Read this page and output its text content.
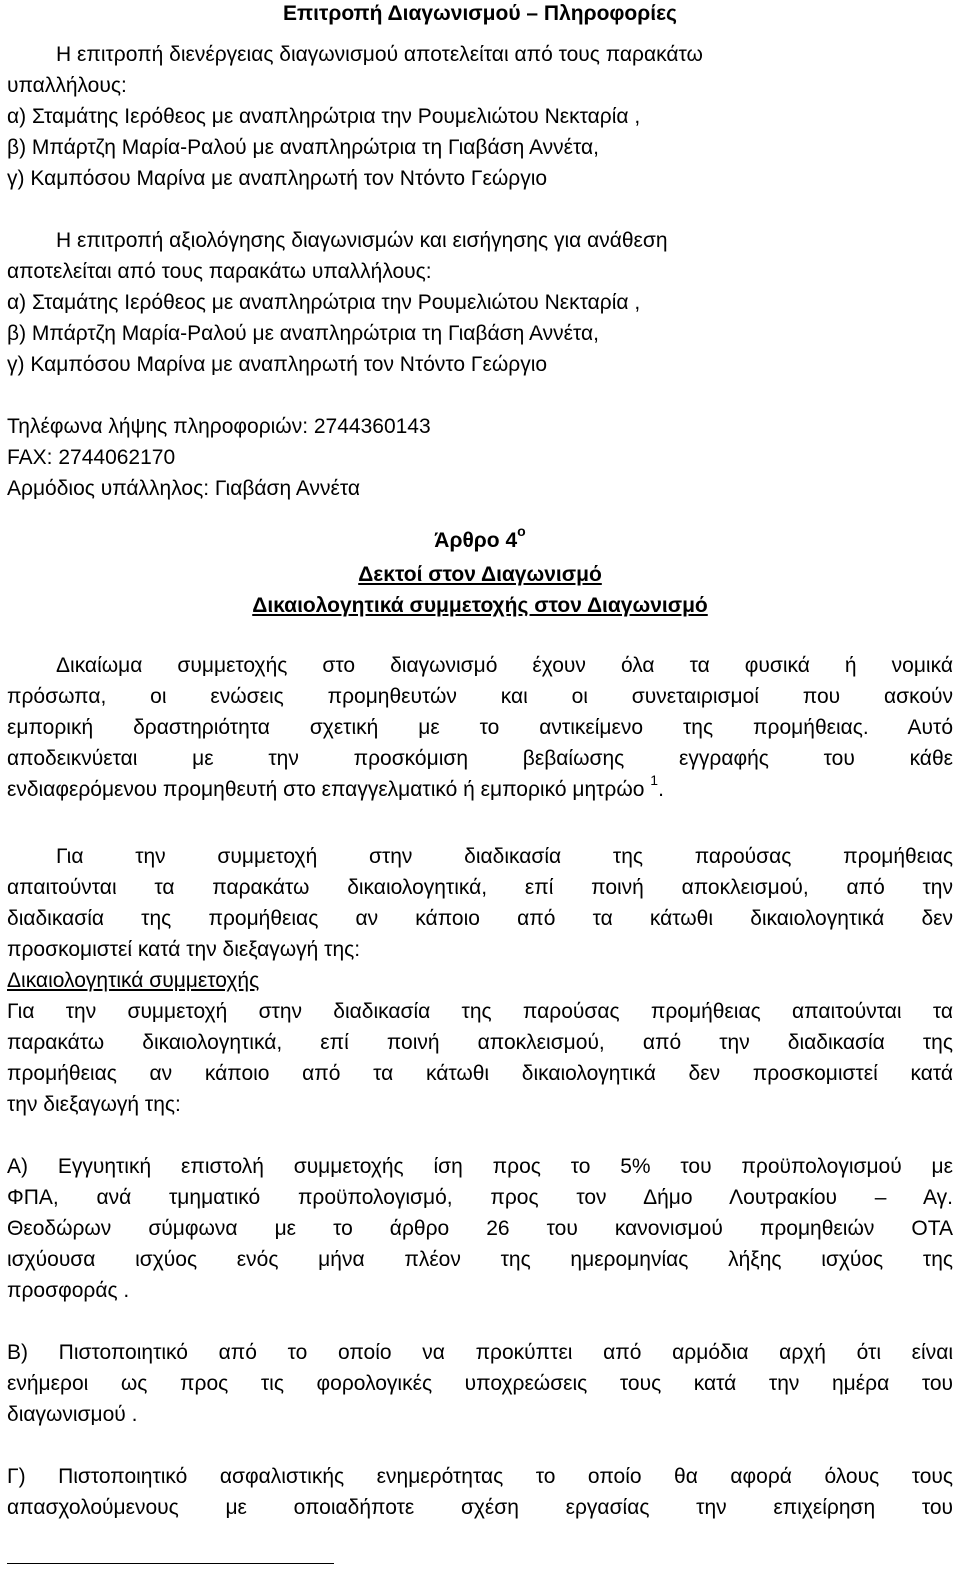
Επιτροπή Διαγωνισμού – Πληροφορίες
Η επιτροπή διενέργειας διαγωνισμού αποτελείται από τους παρακάτω
υπαλλήλους:
α) Σταμάτης Ιερόθεος με αναπληρώτρια την Ρουμελιώτου Νεκταρία ,
β) Μπάρτζη Μαρία-Ραλού με αναπληρώτρια τη Γιαβάση Αννέτα,
γ) Καμπόσου Μαρίνα με αναπληρωτή τον Ντόντο Γεώργιο
Η επιτροπή αξιολόγησης διαγωνισμών και εισήγησης για ανάθεση
αποτελείται από τους παρακάτω υπαλλήλους:
α) Σταμάτης Ιερόθεος με αναπληρώτρια την Ρουμελιώτου Νεκταρία ,
β) Μπάρτζη Μαρία-Ραλού με αναπληρώτρια τη Γιαβάση Αννέτα,
γ) Καμπόσου Μαρίνα με αναπληρωτή τον Ντόντο Γεώργιο
Τηλέφωνα λήψης πληροφοριών: 2744360143
FAX: 2744062170
Αρμόδιος υπάλληλος: Γιαβάση Αννέτα
Άρθρο $4^o$
Δεκτοί στον Διαγωνισμό
Δικαιολογητικά συμμετοχής στον Διαγωνισμό
Δικαίωμα συμμετοχής στο διαγωνισμό έχουν όλα τα φυσικά ή νομικά
πρόσωπα, οι ενώσεις προμηθευτών και οι συνεταιρισμοί που ασκούν
εμπορική δραστηριότητα σχετική με το αντικείμενο της προμήθειας. Αυτό
αποδεικνύεται με την προσκόμιση βεβαίωσης εγγραφής του κάθε
ενδιαφερόμενου προμηθευτή στο επαγγελματικό ή εμπορικό μητρώο $^1$.
Για την συμμετοχή στην διαδικασία της παρούσας προμήθειας
απαιτούνται τα παρακάτω δικαιολογητικά, επί ποινή αποκλεισμού, από την
διαδικασία της προμήθειας αν κάποιο από τα κάτωθι δικαιολογητικά δεν
προσκομιστεί κατά την διεξαγωγή της:
Δικαιολογητικά συμμετοχής
Για την συμμετοχή στην διαδικασία της παρούσας προμήθειας απαιτούνται τα
παρακάτω δικαιολογητικά, επί ποινή αποκλεισμού, από την διαδικασία της
προμήθειας αν κάποιο από τα κάτωθι δικαιολογητικά δεν προσκομιστεί κατά
την διεξαγωγή της:
Α) Εγγυητική επιστολή συμμετοχής ίση προς το 5% του προϋπολογισμού με
ΦΠΑ, ανά τμηματικό προϋπολογισμό, προς τον Δήμο Λουτρακίου – Αγ.
Θεοδώρων σύμφωνα με το άρθρο 26 του κανονισμού προμηθειών ΟΤΑ
ισχύουσα ισχύος ενός μήνα πλέον της ημερομηνίας λήξης ισχύος της
προσφοράς .
Β) Πιστοποιητικό από το οποίο να προκύπτει από αρμόδια αρχή ότι είναι
ενήμεροι ως προς τις φορολογικές υποχρεώσεις τους κατά την ημέρα του
διαγωνισμού .
Γ) Πιστοποιητικό ασφαλιστικής ενημερότητας το οποίο θα αφορά όλους τους
απασχολούμενους με οποιαδήποτε σχέση εργασίας την επιχείρηση του
